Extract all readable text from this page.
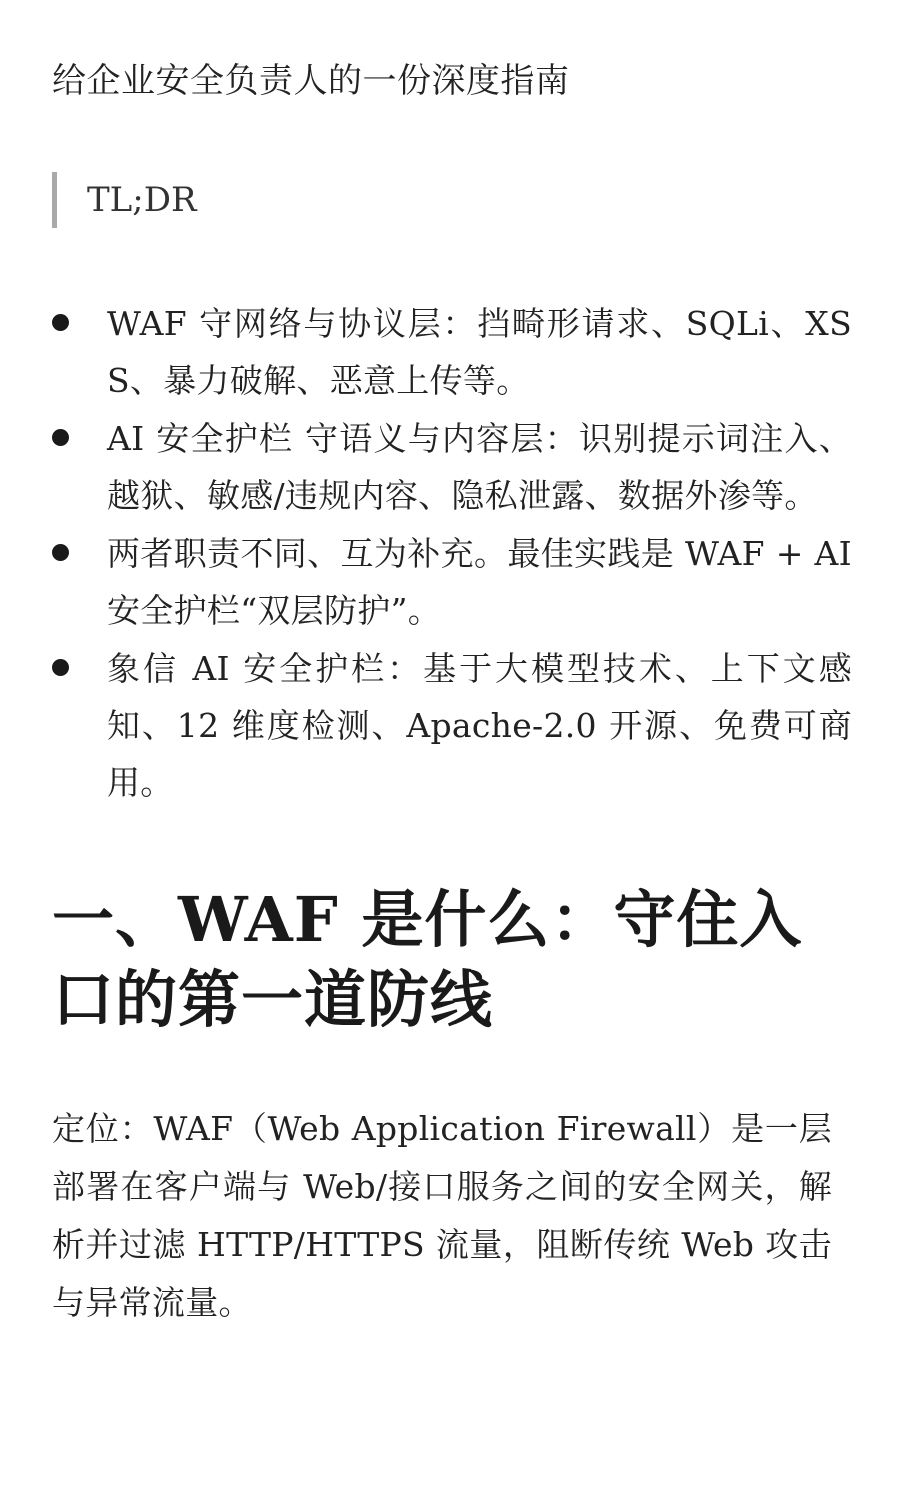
给企业安全负责人的一份深度指南
TL;DR
WAF 守网络与协议层：挡畸形请求、SQLi、XSS、暴力破解、恶意上传等。
AI 安全护栏 守语义与内容层：识别提示词注入、越狱、敏感/违规内容、隐私泄露、数据外渗等。
两者职责不同、互为补充。最佳实践是 WAF + AI 安全护栏“双层防护”。
象信 AI 安全护栏：基于大模型技术、上下文感知、12 维度检测、Apache-2.0 开源、免费可商用。
一、WAF 是什么：守住入口的第一道防线

定位：WAF（Web Application Firewall）是一层部署在客户端与 Web/接口服务之间的安全网关，解析并过滤 HTTP/HTTPS 流量，阻断传统 Web 攻击与异常流量。
